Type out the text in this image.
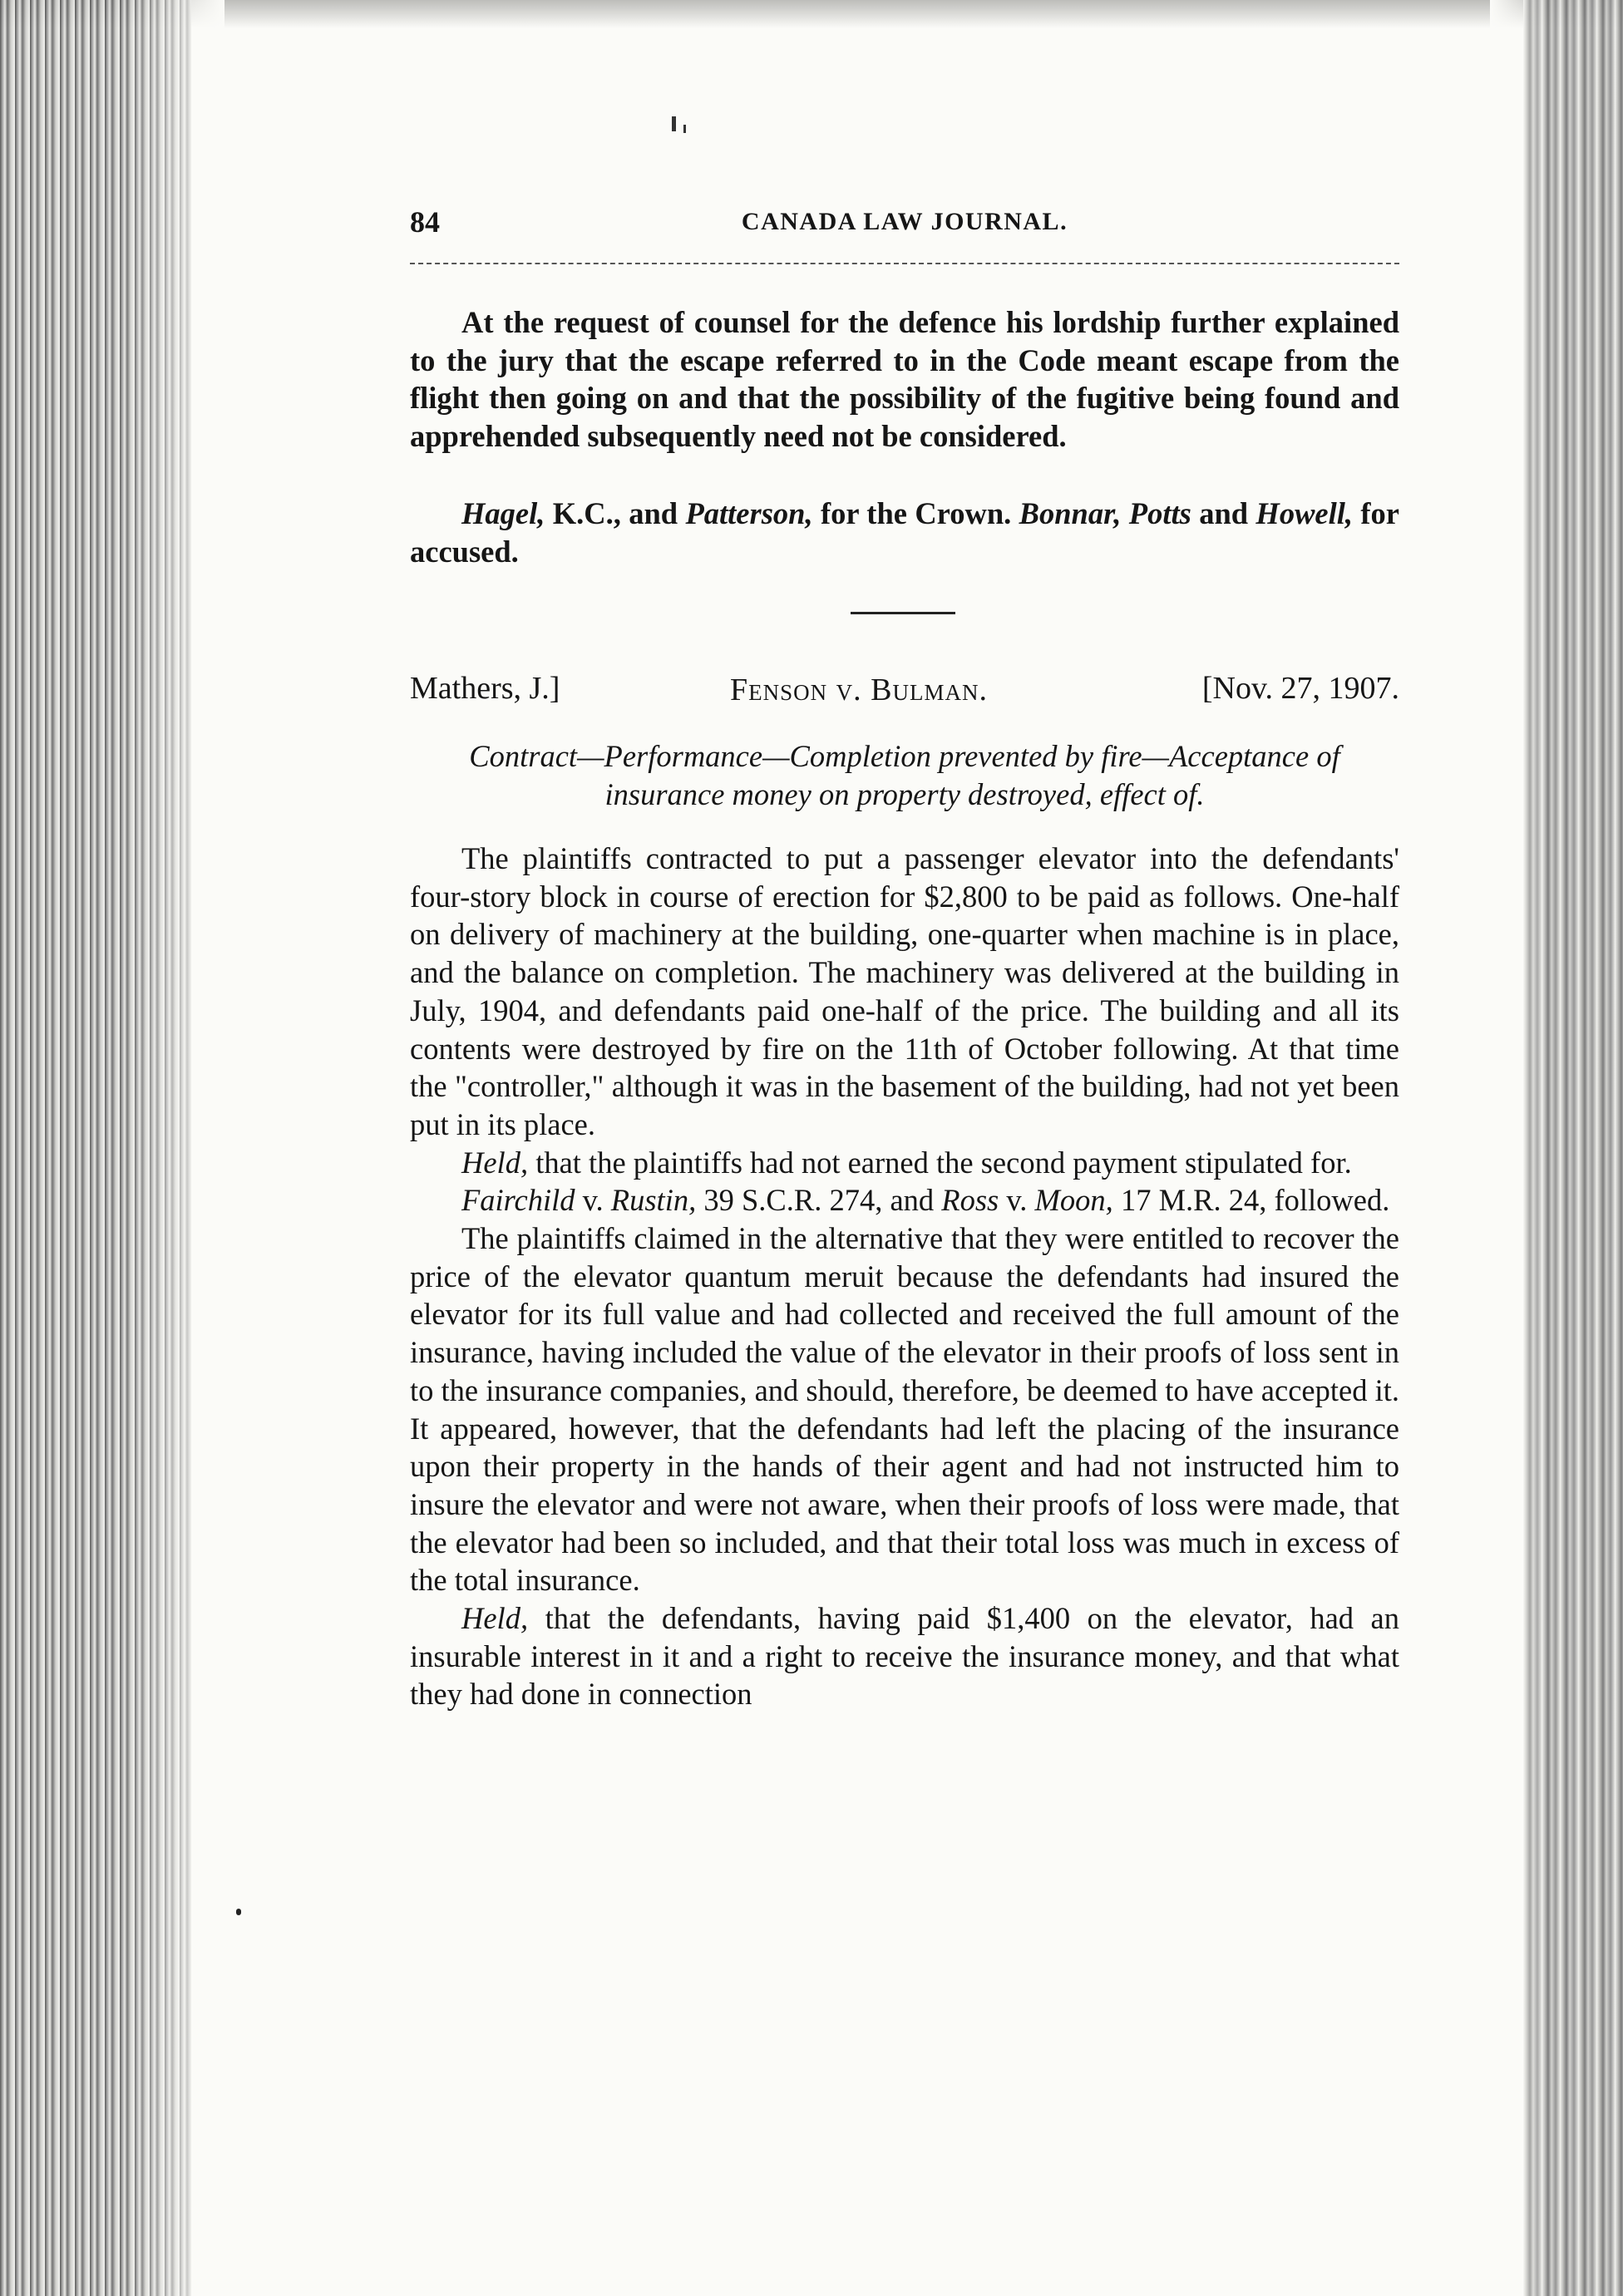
84	CANADA LAW JOURNAL.

At the request of counsel for the defence his lordship further explained to the jury that the escape referred to in the Code meant escape from the flight then going on and that the possibility of the fugitive being found and apprehended subsequently need not be considered.

Hagel, K.C., and Patterson, for the Crown. Bonnar, Potts and Howell, for accused.

Mathers, J.]	Fenson v. Bulman.	[Nov. 27, 1907.
Contract—Performance—Completion prevented by fire—Acceptance of insurance money on property destroyed, effect of.

The plaintiffs contracted to put a passenger elevator into the defendants' four-story block in course of erection for $2,800 to be paid as follows. One-half on delivery of machinery at the building, one-quarter when machine is in place, and the balance on completion. The machinery was delivered at the building in July, 1904, and defendants paid one-half of the price. The building and all its contents were destroyed by fire on the 11th of October following. At that time the "controller," although it was in the basement of the building, had not yet been put in its place.

Held, that the plaintiffs had not earned the second payment stipulated for.

Fairchild v. Rustin, 39 S.C.R. 274, and Ross v. Moon, 17 M.R. 24, followed.

The plaintiffs claimed in the alternative that they were entitled to recover the price of the elevator quantum meruit because the defendants had insured the elevator for its full value and had collected and received the full amount of the insurance, having included the value of the elevator in their proofs of loss sent in to the insurance companies, and should, therefore, be deemed to have accepted it. It appeared, however, that the defendants had left the placing of the insurance upon their property in the hands of their agent and had not instructed him to insure the elevator and were not aware, when their proofs of loss were made, that the elevator had been so included, and that their total loss was much in excess of the total insurance.

Held, that the defendants, having paid $1,400 on the elevator, had an insurable interest in it and a right to receive the insurance money, and that what they had done in connection
